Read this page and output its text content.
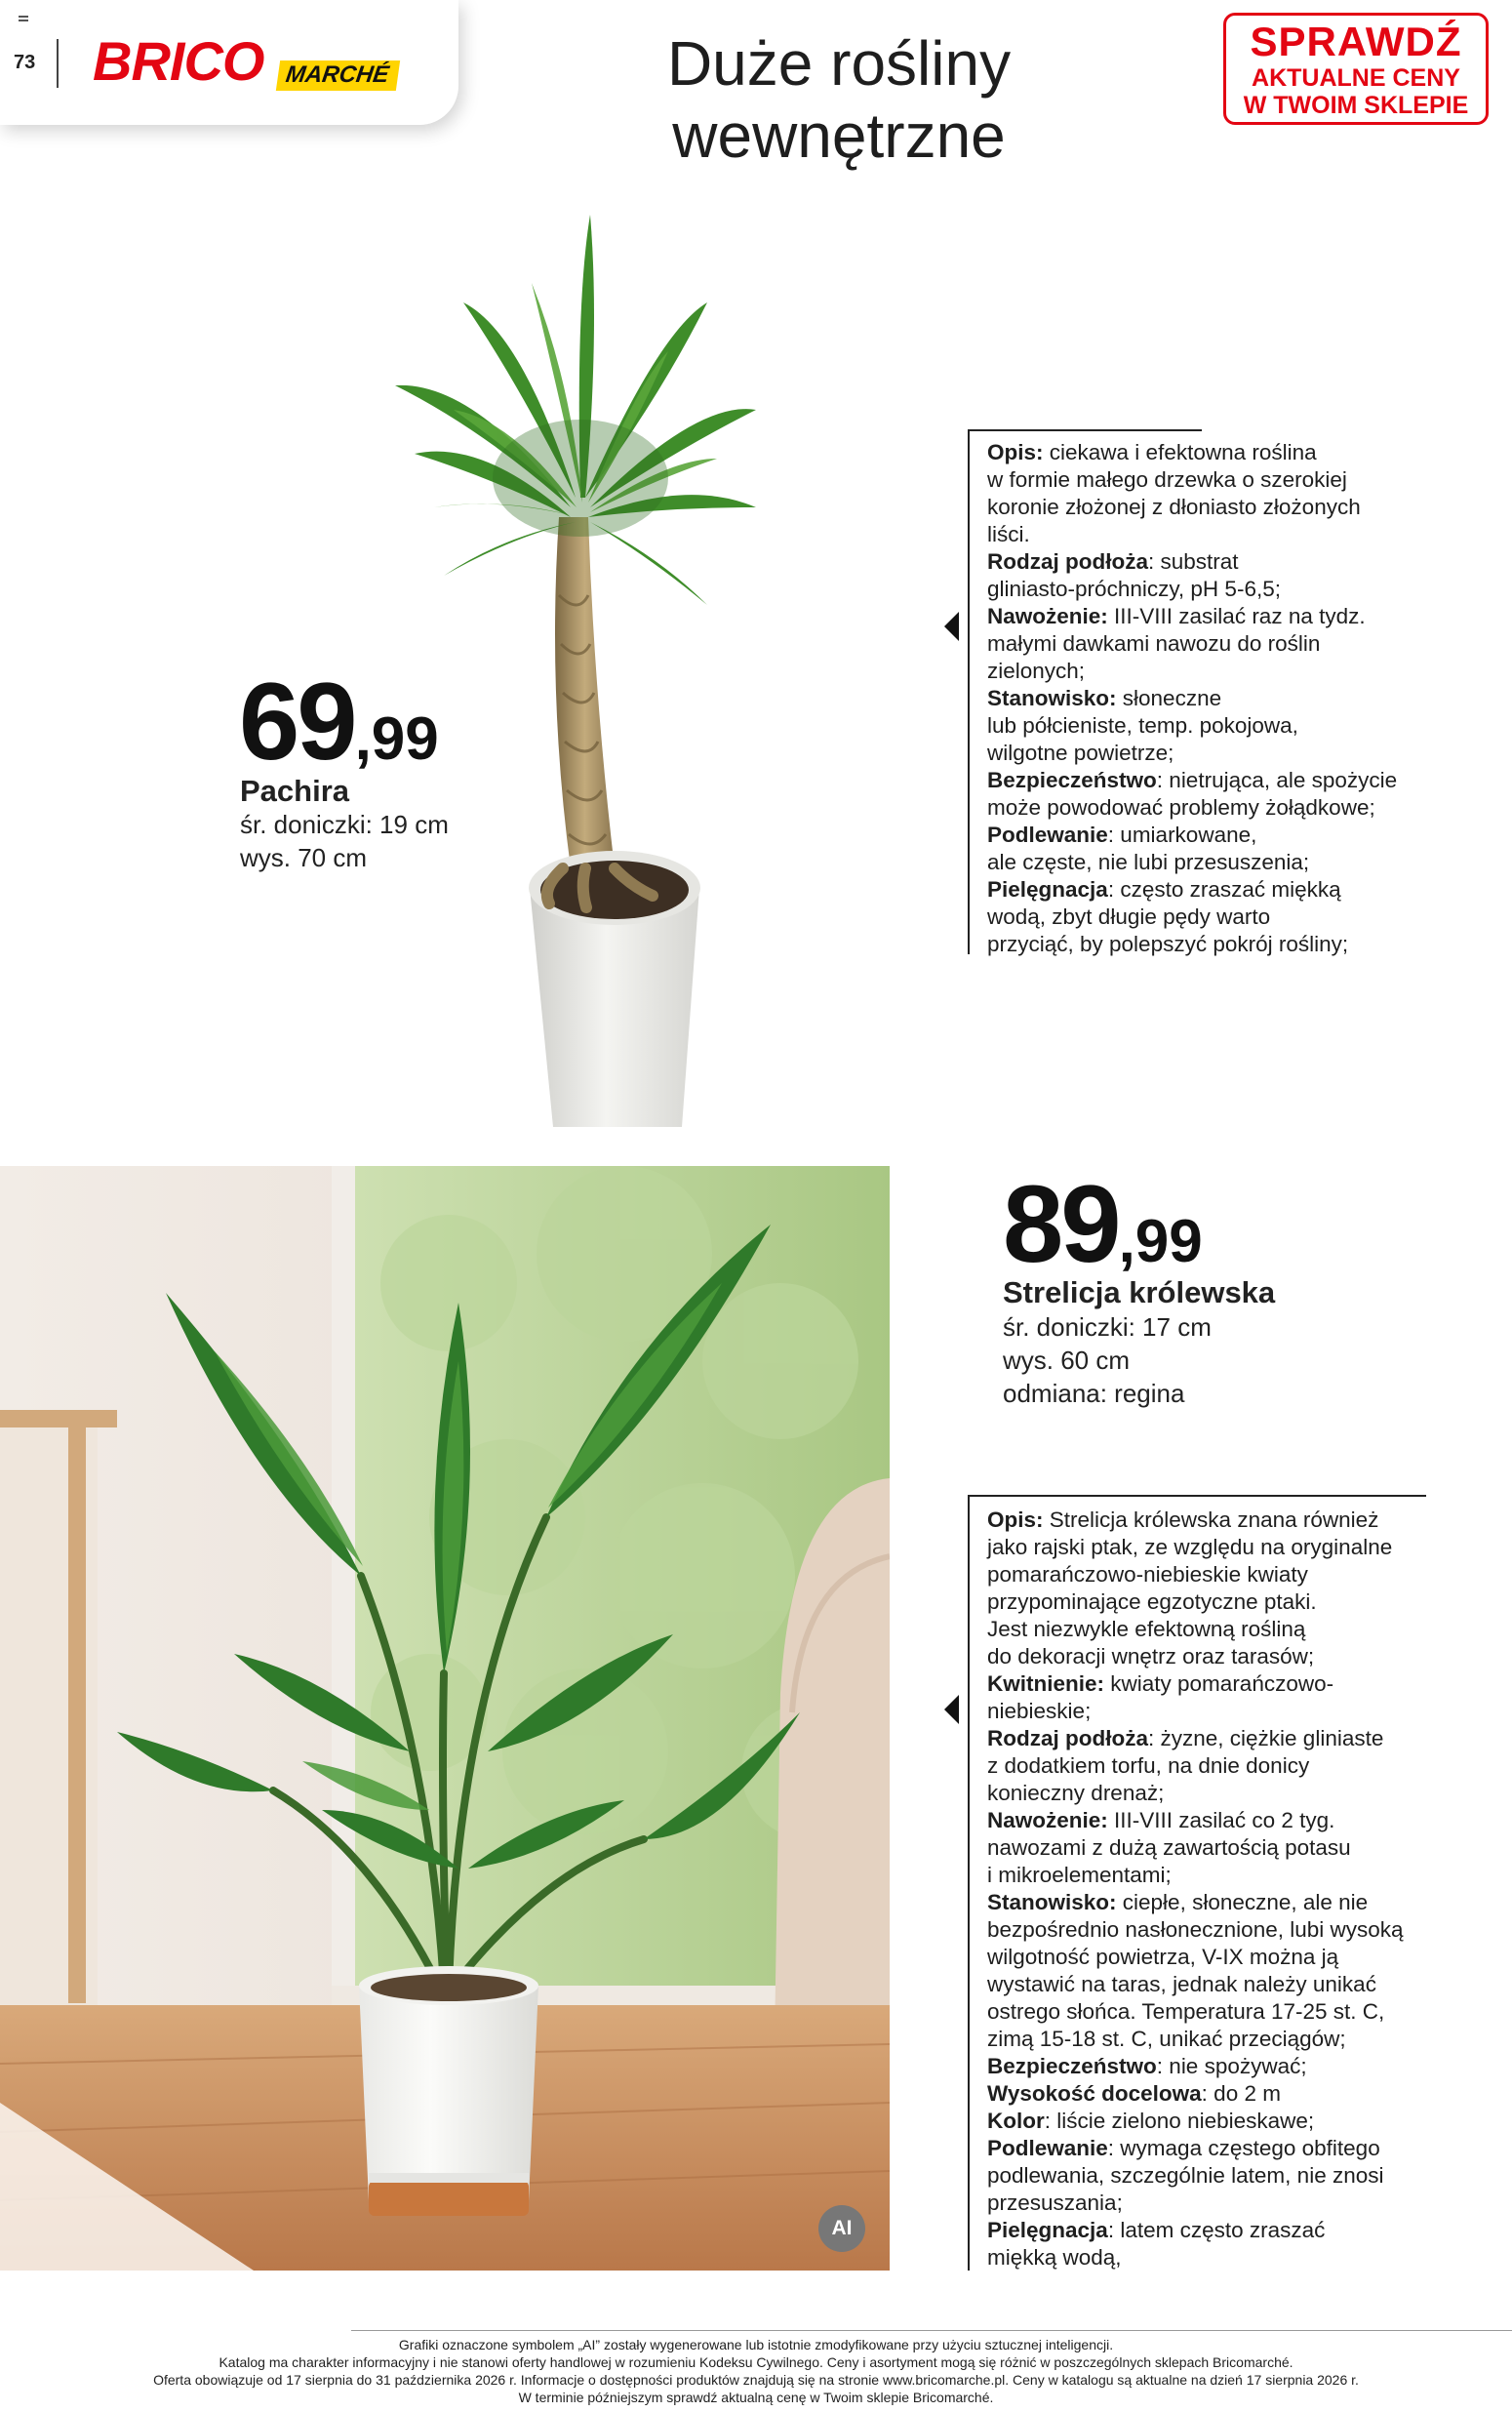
73 BRICO MARCHÉ	Duże rośliny
wewnętrzne
SPRAWDŹ
AKTUALNE CENY
W TWOIM SKLEPIE
69,99
Pachira
śr. doniczki: 19 cm
wys. 70 cm

Opis: ciekawa i efektowna roślina

w formie małego drzewka o szerokiej

koronie złożonej z dłoniasto złożonych

liści.

Rodzaj podłoża: substrat

gliniasto-próchniczy, pH 5-6,5;

Nawożenie: III-VIII zasilać raz na tydz.

małymi dawkami nawozu do roślin

zielonych;

Stanowisko: słoneczne

lub półcieniste, temp. pokojowa,

wilgotne powietrze;

Bezpieczeństwo: nietrująca, ale spożycie

może powodować problemy żołądkowe;

Podlewanie: umiarkowane,

ale częste, nie lubi przesuszenia;

Pielęgnacja: często zraszać miękką

wodą, zbyt długie pędy warto

przyciąć, by polepszyć pokrój rośliny;

AI
89,99
Strelicja królewska
śr. doniczki: 17 cm
wys. 60 cm
odmiana: regina

Opis: Strelicja królewska znana również

jako rajski ptak, ze względu na oryginalne

pomarańczowo-niebieskie kwiaty

przypominające egzotyczne ptaki.

Jest niezwykle efektowną rośliną

do dekoracji wnętrz oraz tarasów;

Kwitnienie: kwiaty pomarańczowo-

niebieskie;

Rodzaj podłoża: żyzne, ciężkie gliniaste

z dodatkiem torfu, na dnie donicy

konieczny drenaż;

Nawożenie: III-VIII zasilać co 2 tyg.

nawozami z dużą zawartością potasu

i mikroelementami;

Stanowisko: ciepłe, słoneczne, ale nie

bezpośrednio nasłonecznione, lubi wysoką

wilgotność powietrza, V-IX można ją

wystawić na taras, jednak należy unikać

ostrego słońca. Temperatura 17-25 st. C,

zimą 15-18 st. C, unikać przeciągów;

Bezpieczeństwo: nie spożywać;

Wysokość docelowa: do 2 m

Kolor: liście zielono niebieskawe;

Podlewanie: wymaga częstego obfitego

podlewania, szczególnie latem, nie znosi

przesuszania;

Pielęgnacja: latem często zraszać

miękką wodą,

Grafiki oznaczone symbolem „AI” zostały wygenerowane lub istotnie zmodyfikowane przy użyciu sztucznej inteligencji.
Katalog ma charakter informacyjny i nie stanowi oferty handlowej w rozumieniu Kodeksu Cywilnego. Ceny i asortyment mogą się różnić w poszczególnych sklepach Bricomarché.
Oferta obowiązuje od 17 sierpnia do 31 października 2026 r. Informacje o dostępności produktów znajdują się na stronie www.bricomarche.pl. Ceny w katalogu są aktualne na dzień 17 sierpnia 2026 r.
W terminie późniejszym sprawdź aktualną cenę w Twoim sklepie Bricomarché.
